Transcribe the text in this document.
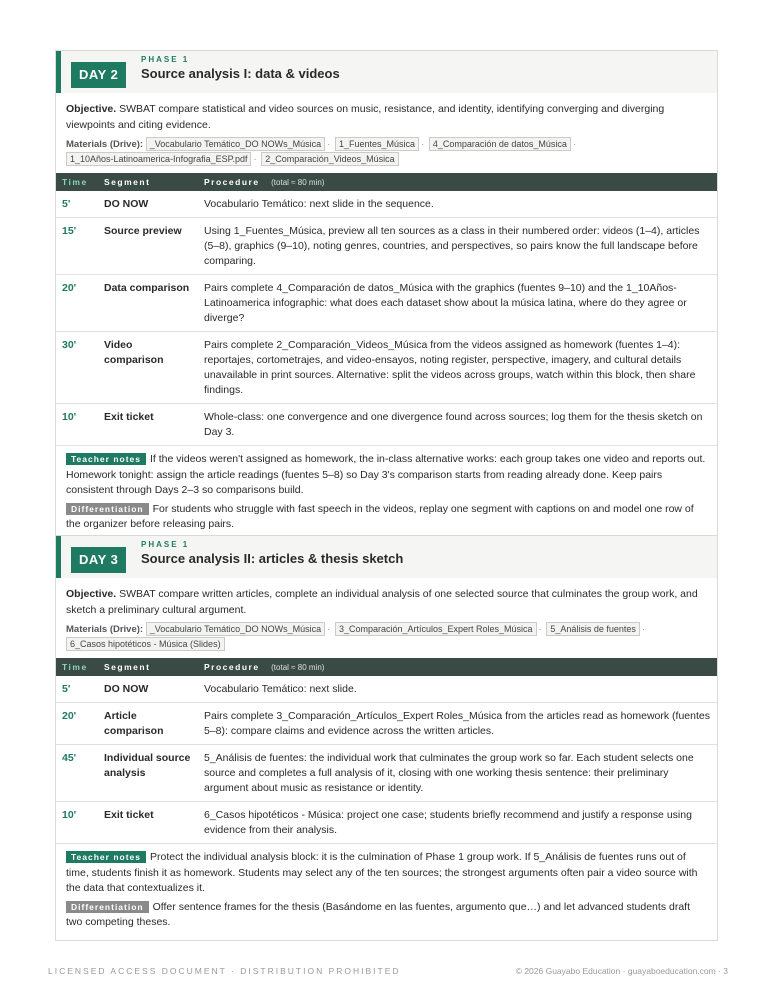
DAY 2
PHASE 1
Source analysis I: data & videos
Objective. SWBAT compare statistical and video sources on music, resistance, and identity, identifying converging and diverging viewpoints and citing evidence.
Materials (Drive): _Vocabulario Temático_DO NOWs_Música · 1_Fuentes_Música · 4_Comparación de datos_Música · 1_10Años-Latinoamerica-Infografia_ESP.pdf · 2_Comparación_Videos_Música
Time	Segment	Procedure (total ≈ 80 min)
5'	DO NOW	Vocabulario Temático: next slide in the sequence.
15'	Source preview	Using 1_Fuentes_Música, preview all ten sources as a class in their numbered order: videos (1–4), articles (5–8), graphics (9–10), noting genres, countries, and perspectives, so pairs know the full landscape before comparing.
20'	Data comparison	Pairs complete 4_Comparación de datos_Música with the graphics (fuentes 9–10) and the 1_10Años-Latinoamerica infographic: what does each dataset show about la música latina, where do they agree or diverge?
30'	Video comparison	Pairs complete 2_Comparación_Videos_Música from the videos assigned as homework (fuentes 1–4): reportajes, cortometrajes, and video-ensayos, noting register, perspective, imagery, and cultural details unavailable in print sources. Alternative: split the videos across groups, watch within this block, then share findings.
10'	Exit ticket	Whole-class: one convergence and one divergence found across sources; log them for the thesis sketch on Day 3.
Teacher notes If the videos weren't assigned as homework, the in-class alternative works: each group takes one video and reports out. Homework tonight: assign the article readings (fuentes 5–8) so Day 3's comparison starts from reading already done. Keep pairs consistent through Days 2–3 so comparisons build.
Differentiation For students who struggle with fast speech in the videos, replay one segment with captions on and model one row of the organizer before releasing pairs.
DAY 3
PHASE 1
Source analysis II: articles & thesis sketch
Objective. SWBAT compare written articles, complete an individual analysis of one selected source that culminates the group work, and sketch a preliminary cultural argument.
Materials (Drive): _Vocabulario Temático_DO NOWs_Música · 3_Comparación_Artículos_Expert Roles_Música · 5_Análisis de fuentes · 6_Casos hipotéticos - Música (Slides)
Time	Segment	Procedure (total ≈ 80 min)
5'	DO NOW	Vocabulario Temático: next slide.
20'	Article comparison	Pairs complete 3_Comparación_Artículos_Expert Roles_Música from the articles read as homework (fuentes 5–8): compare claims and evidence across the written articles.
45'	Individual source analysis	5_Análisis de fuentes: the individual work that culminates the group work so far. Each student selects one source and completes a full analysis of it, closing with one working thesis sentence: their preliminary argument about music as resistance or identity.
10'	Exit ticket	6_Casos hipotéticos - Música: project one case; students briefly recommend and justify a response using evidence from their analysis.
Teacher notes Protect the individual analysis block: it is the culmination of Phase 1 group work. If 5_Análisis de fuentes runs out of time, students finish it as homework. Students may select any of the ten sources; the strongest arguments often pair a video source with the data that contextualizes it.
Differentiation Offer sentence frames for the thesis (Basándome en las fuentes, argumento que…) and let advanced students draft two competing theses.
LICENSED ACCESS DOCUMENT · DISTRIBUTION PROHIBITED	© 2026 Guayabo Education · guayaboeducation.com · 3
